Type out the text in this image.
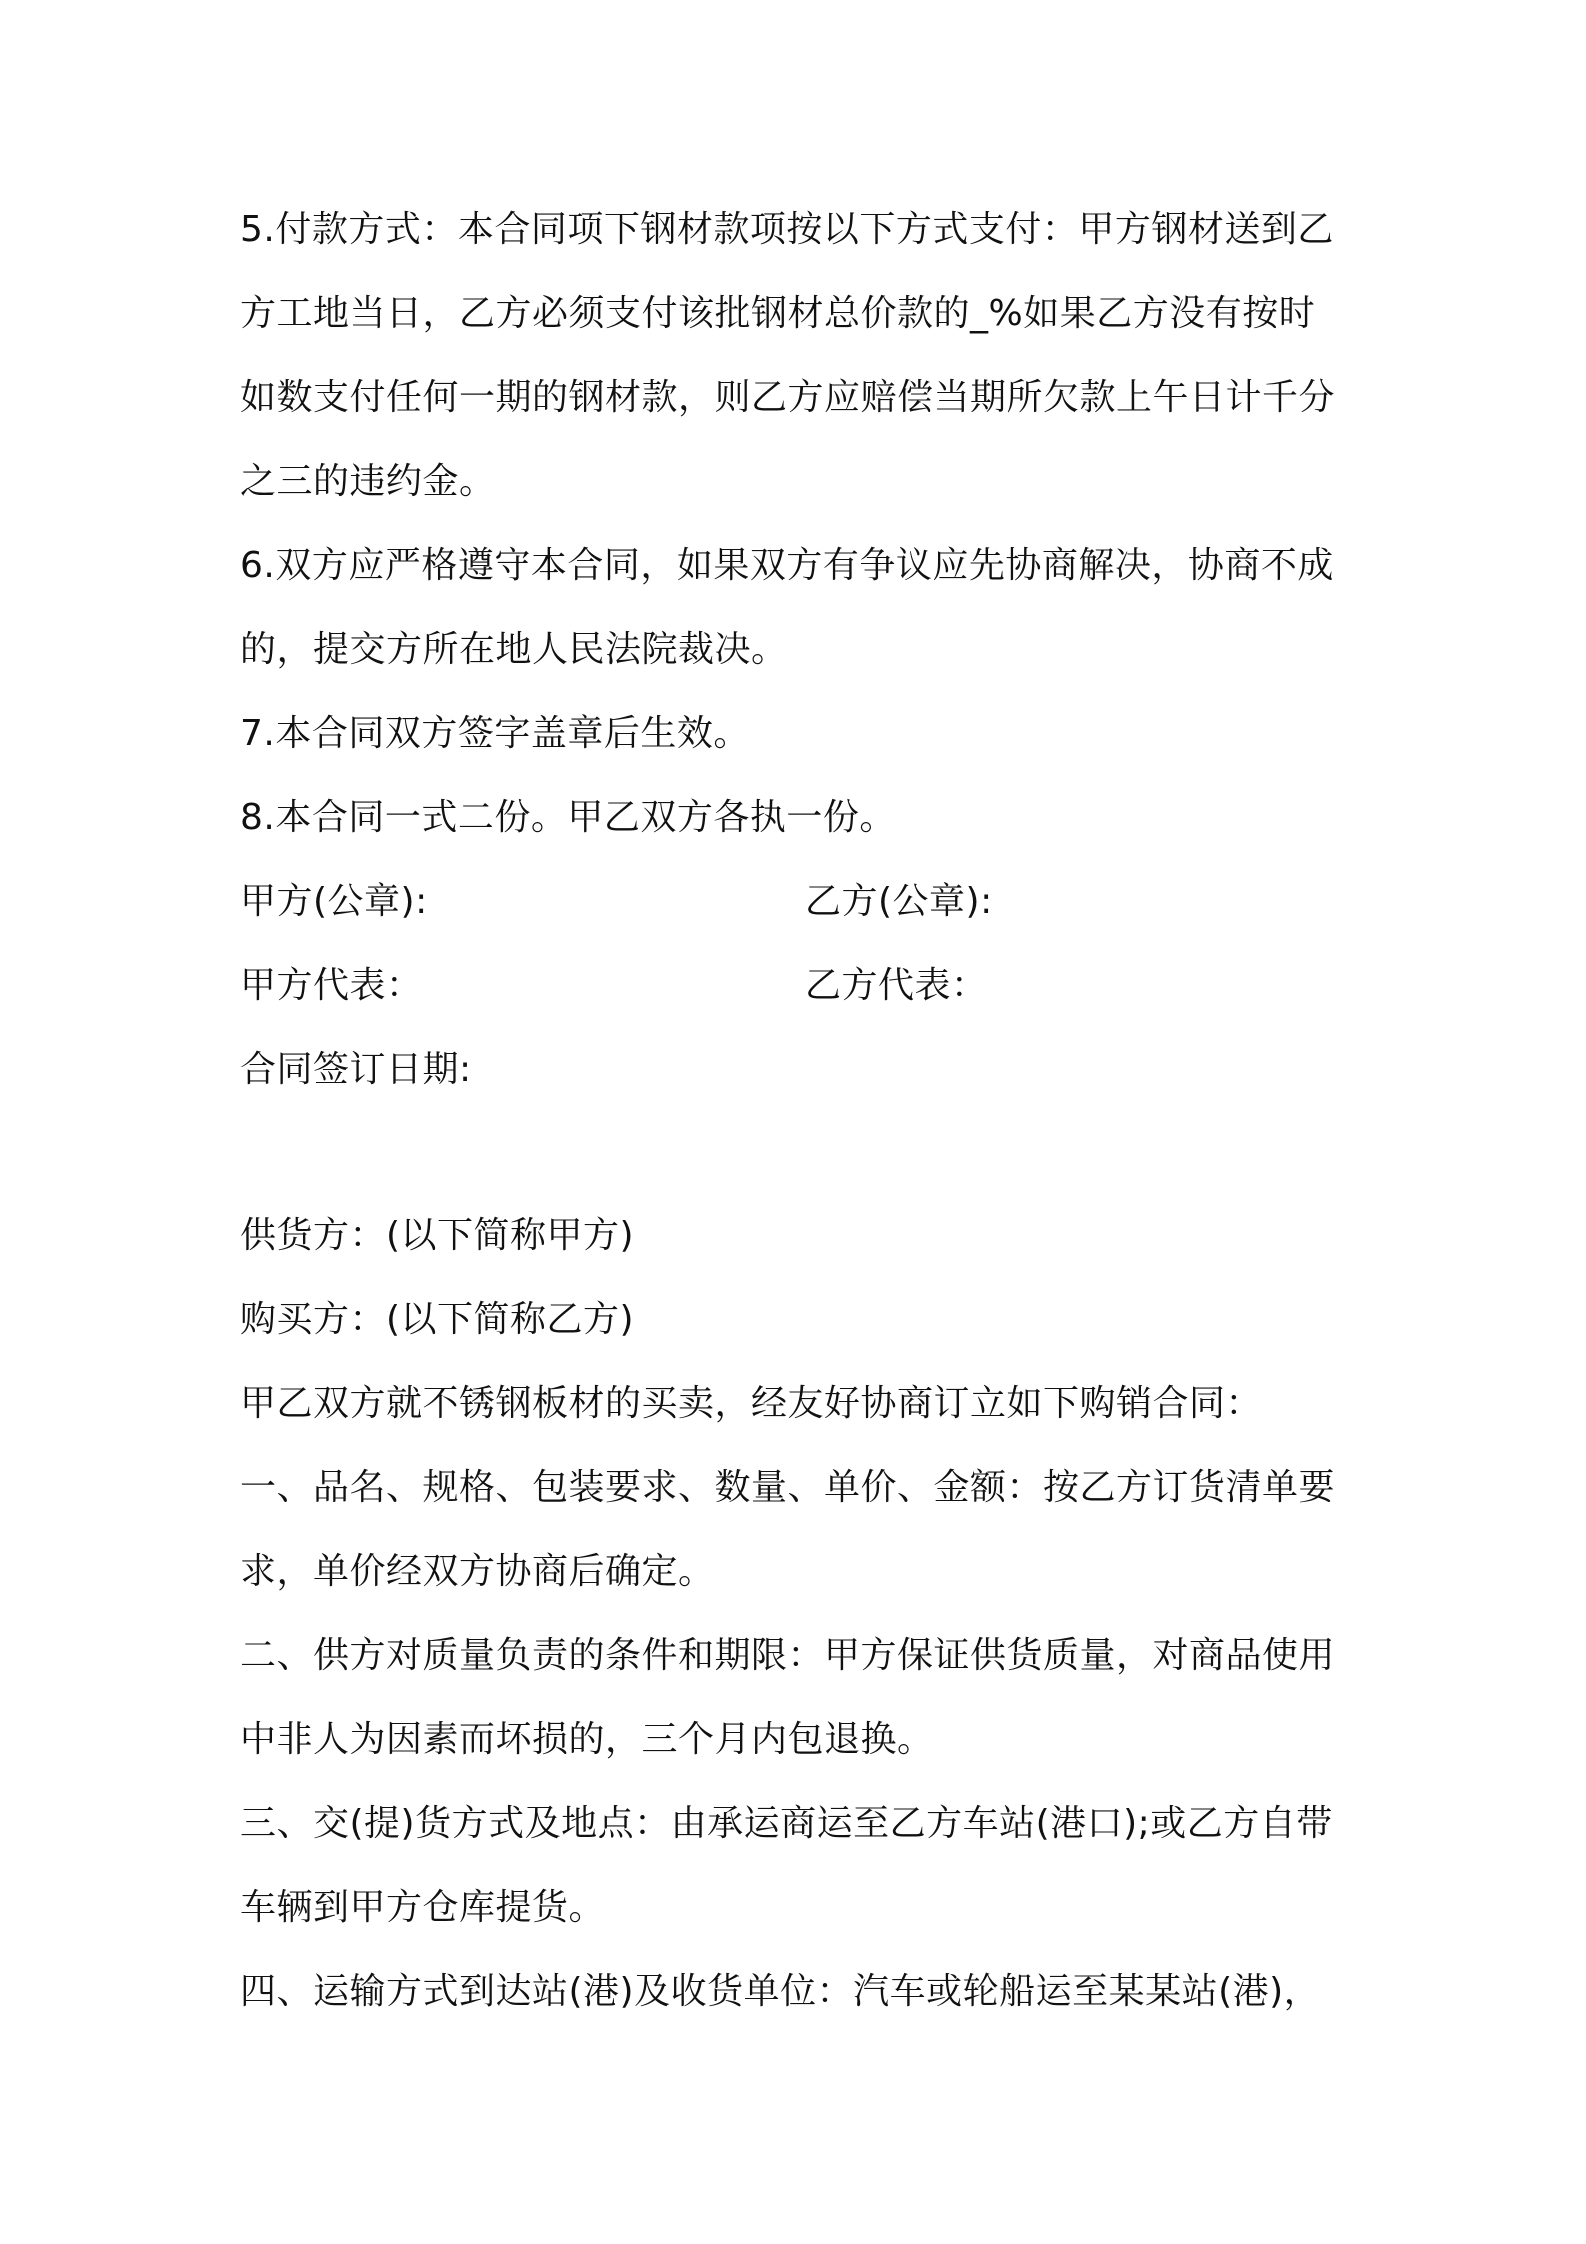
5.付款方式：本合同项下钢材款项按以下方式支付：甲方钢材送到乙
方工地当日，乙方必须支付该批钢材总价款的_%如果乙方没有按时
如数支付任何一期的钢材款，则乙方应赔偿当期所欠款上午日计千分
之三的违约金。
6.双方应严格遵守本合同，如果双方有争议应先协商解决，协商不成
的，提交方所在地人民法院裁决。
7.本合同双方签字盖章后生效。
8.本合同一式二份。甲乙双方各执一份。
甲方(公章):	乙方(公章):
甲方代表：	乙方代表：
合同签订日期:
供货方：(以下简称甲方)
购买方：(以下简称乙方)
甲乙双方就不锈钢板材的买卖，经友好协商订立如下购销合同：
一、品名、规格、包装要求、数量、单价、金额：按乙方订货清单要
求，单价经双方协商后确定。
二、供方对质量负责的条件和期限：甲方保证供货质量，对商品使用
中非人为因素而坏损的，三个月内包退换。
三、交(提)货方式及地点：由承运商运至乙方车站(港口);或乙方自带
车辆到甲方仓库提货。
四、运输方式到达站(港)及收货单位：汽车或轮船运至某某站(港)，
